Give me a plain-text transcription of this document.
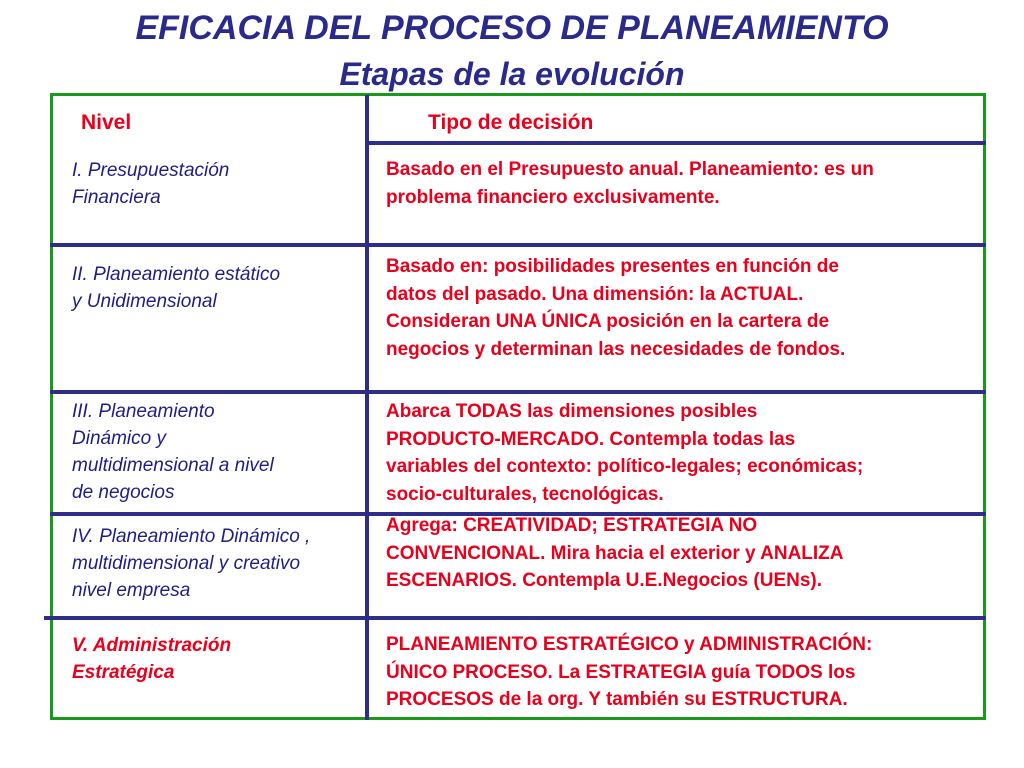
EFICACIA DEL PROCESO DE PLANEAMIENTO
Etapas de la evolución
Nivel	Tipo de decisión
I. Presupuestación
Financiera
Basado en el Presupuesto anual. Planeamiento: es un
problema financiero exclusivamente.
II. Planeamiento estático
y Unidimensional
Basado en: posibilidades presentes en función de
datos del pasado. Una dimensión: la ACTUAL.
Consideran UNA ÚNICA posición en la cartera de
negocios y determinan las necesidades de fondos.
III. Planeamiento
Dinámico y
multidimensional a nivel
de negocios
Abarca TODAS las dimensiones posibles
PRODUCTO-MERCADO. Contempla todas las
variables del contexto: político-legales; económicas;
socio-culturales, tecnológicas.
IV. Planeamiento Dinámico ,
multidimensional y creativo
nivel empresa
Agrega: CREATIVIDAD; ESTRATEGIA NO
CONVENCIONAL. Mira hacia el exterior y ANALIZA
ESCENARIOS. Contempla U.E.Negocios (UENs).
V. Administración
Estratégica
PLANEAMIENTO ESTRATÉGICO y ADMINISTRACIÓN:
ÚNICO PROCESO. La ESTRATEGIA guía TODOS los
PROCESOS de la org. Y también su ESTRUCTURA.
